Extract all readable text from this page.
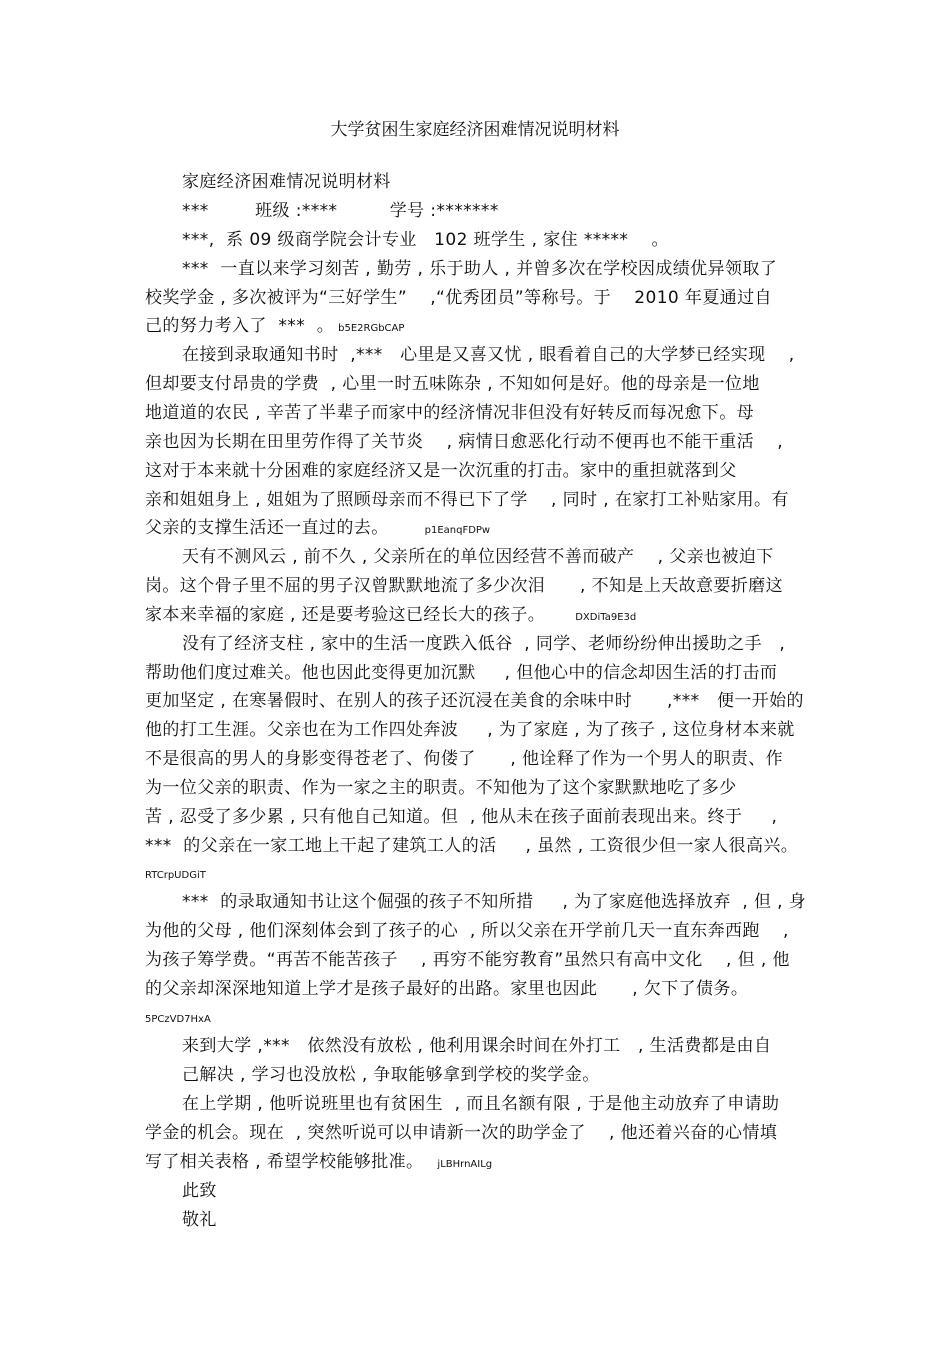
大学贫困生家庭经济困难情况说明材料
家庭经济困难情况说明材料
***        班级 :****         学号 :*******
***,  系 09 级商学院会计专业   102 班学生 , 家住 *****    。
***  一直以来学习刻苦 , 勤劳 , 乐于助人 , 并曾多次在学校因成绩优异领取了
校奖学金 , 多次被评为“三好学生”    ,“优秀团员”等称号。于    2010 年夏通过自
己的努力考入了  ***  。 b5E2RGbCAP
在接到录取通知书时  ,***   心里是又喜又忧 , 眼看着自己的大学梦已经实现    ,
但却要支付昂贵的学费  , 心里一时五味陈杂 , 不知如何是好。他的母亲是一位地
地道道的农民 , 辛苦了半辈子而家中的经济情况非但没有好转反而每况愈下。母
亲也因为长期在田里劳作得了关节炎    , 病情日愈恶化行动不便再也不能干重活    ,
这对于本来就十分困难的家庭经济又是一次沉重的打击。家中的重担就落到父
亲和姐姐身上 , 姐姐为了照顾母亲而不得已下了学    , 同时 , 在家打工补贴家用。有
父亲的支撑生活还一直过的去。	p1EanqFDPw
天有不测风云 , 前不久 , 父亲所在的单位因经营不善而破产    , 父亲也被迫下
岗。这个骨子里不屈的男子汉曾默默地流了多少次泪      , 不知是上天故意要折磨这
家本来幸福的家庭 , 还是要考验这已经长大的孩子。	DXDiTa9E3d
没有了经济支柱 , 家中的生活一度跌入低谷  , 同学、老师纷纷伸出援助之手   ,
帮助他们度过难关。他也因此变得更加沉默     , 但他心中的信念却因生活的打击而
更加坚定 , 在寒暑假时、在别人的孩子还沉浸在美食的余味中时      ,***   便一开始的
他的打工生涯。父亲也在为工作四处奔波     , 为了家庭 , 为了孩子 , 这位身材本来就
不是很高的男人的身影变得苍老了、佝偻了      , 他诠释了作为一个男人的职责、作
为一位父亲的职责、作为一家之主的职责。不知他为了这个家默默地吃了多少
苦 , 忍受了多少累 , 只有他自己知道。但  , 他从未在孩子面前表现出来。终于     ,
***  的父亲在一家工地上干起了建筑工人的活     , 虽然 , 工资很少但一家人很高兴。
RTCrpUDGiT
***  的录取通知书让这个倔强的孩子不知所措     , 为了家庭他选择放弃  , 但 , 身
为他的父母 , 他们深刻体会到了孩子的心  , 所以父亲在开学前几天一直东奔西跑    ,
为孩子筹学费。“再苦不能苦孩子    , 再穷不能穷教育”虽然只有高中文化    , 但 , 他
的父亲却深深地知道上学才是孩子最好的出路。家里也因此      , 欠下了债务。
5PCzVD7HxA
来到大学 ,***   依然没有放松 , 他利用课余时间在外打工   , 生活费都是由自
己解决 , 学习也没放松 , 争取能够拿到学校的奖学金。
在上学期 , 他听说班里也有贫困生  , 而且名额有限 , 于是他主动放弃了申请助
学金的机会。现在  , 突然听说可以申请新一次的助学金了    , 他还着兴奋的心情填
写了相关表格 , 希望学校能够批准。 jLBHrnAILg
此致
敬礼
